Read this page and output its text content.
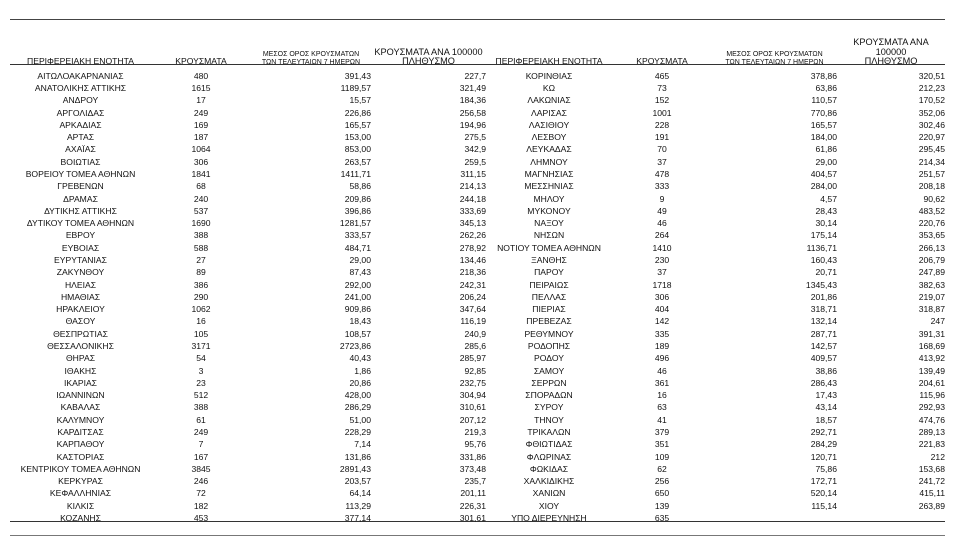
ΠΕΡΙΦΕΡΕΙΑΚΗ ΕΝΟΤΗΤΑ	ΚΡΟΥΣΜΑΤΑ	ΜΕΣΟΣ ΟΡΟΣ ΚΡΟΥΣΜΑΤΩΝ
ΤΩΝ ΤΕΛΕΥΤΑΙΩΝ 7 ΗΜΕΡΩΝ	ΚΡΟΥΣΜΑΤΑ ΑΝΑ 100000
ΠΛΗΘΥΣΜΟ	ΠΕΡΙΦΕΡΕΙΑΚΗ ΕΝΟΤΗΤΑ	ΚΡΟΥΣΜΑΤΑ	ΜΕΣΟΣ ΟΡΟΣ ΚΡΟΥΣΜΑΤΩΝ
ΤΩΝ ΤΕΛΕΥΤΑΙΩΝ 7 ΗΜΕΡΩΝ	ΚΡΟΥΣΜΑΤΑ ΑΝΑ 100000
ΠΛΗΘΥΣΜΟ
ΑΙΤΩΛΟΑΚΑΡΝΑΝΙΑΣ	480	391,43	227,7	ΚΟΡΙΝΘΙΑΣ	465	378,86	320,51
ΑΝΑΤΟΛΙΚΗΣ ΑΤΤΙΚΗΣ	1615	1189,57	321,49	ΚΩ	73	63,86	212,23
ΑΝΔΡΟΥ	17	15,57	184,36	ΛΑΚΩΝΙΑΣ	152	110,57	170,52
ΑΡΓΟΛΙΔΑΣ	249	226,86	256,58	ΛΑΡΙΣΑΣ	1001	770,86	352,06
ΑΡΚΑΔΙΑΣ	169	165,57	194,96	ΛΑΣΙΘΙΟΥ	228	165,57	302,46
ΑΡΤΑΣ	187	153,00	275,5	ΛΕΣΒΟΥ	191	184,00	220,97
ΑΧΑΪΑΣ	1064	853,00	342,9	ΛΕΥΚΑΔΑΣ	70	61,86	295,45
ΒΟΙΩΤΙΑΣ	306	263,57	259,5	ΛΗΜΝΟΥ	37	29,00	214,34
ΒΟΡΕΙΟΥ ΤΟΜΕΑ ΑΘΗΝΩΝ	1841	1411,71	311,15	ΜΑΓΝΗΣΙΑΣ	478	404,57	251,57
ΓΡΕΒΕΝΩΝ	68	58,86	214,13	ΜΕΣΣΗΝΙΑΣ	333	284,00	208,18
ΔΡΑΜΑΣ	240	209,86	244,18	ΜΗΛΟΥ	9	4,57	90,62
ΔΥΤΙΚΗΣ ΑΤΤΙΚΗΣ	537	396,86	333,69	ΜΥΚΟΝΟΥ	49	28,43	483,52
ΔΥΤΙΚΟΥ ΤΟΜΕΑ ΑΘΗΝΩΝ	1690	1281,57	345,13	ΝΑΞΟΥ	46	30,14	220,76
ΕΒΡΟΥ	388	333,57	262,26	ΝΗΣΩΝ	264	175,14	353,65
ΕΥΒΟΙΑΣ	588	484,71	278,92	ΝΟΤΙΟΥ ΤΟΜΕΑ ΑΘΗΝΩΝ	1410	1136,71	266,13
ΕΥΡΥΤΑΝΙΑΣ	27	29,00	134,46	ΞΑΝΘΗΣ	230	160,43	206,79
ΖΑΚΥΝΘΟΥ	89	87,43	218,36	ΠΑΡΟΥ	37	20,71	247,89
ΗΛΕΙΑΣ	386	292,00	242,31	ΠΕΙΡΑΙΩΣ	1718	1345,43	382,63
ΗΜΑΘΙΑΣ	290	241,00	206,24	ΠΕΛΛΑΣ	306	201,86	219,07
ΗΡΑΚΛΕΙΟΥ	1062	909,86	347,64	ΠΙΕΡΙΑΣ	404	318,71	318,87
ΘΑΣΟΥ	16	18,43	116,19	ΠΡΕΒΕΖΑΣ	142	132,14	247
ΘΕΣΠΡΩΤΙΑΣ	105	108,57	240,9	ΡΕΘΥΜΝΟΥ	335	287,71	391,31
ΘΕΣΣΑΛΟΝΙΚΗΣ	3171	2723,86	285,6	ΡΟΔΟΠΗΣ	189	142,57	168,69
ΘΗΡΑΣ	54	40,43	285,97	ΡΟΔΟΥ	496	409,57	413,92
ΙΘΑΚΗΣ	3	1,86	92,85	ΣΑΜΟΥ	46	38,86	139,49
ΙΚΑΡΙΑΣ	23	20,86	232,75	ΣΕΡΡΩΝ	361	286,43	204,61
ΙΩΑΝΝΙΝΩΝ	512	428,00	304,94	ΣΠΟΡΑΔΩΝ	16	17,43	115,96
ΚΑΒΑΛΑΣ	388	286,29	310,61	ΣΥΡΟΥ	63	43,14	292,93
ΚΑΛΥΜΝΟΥ	61	51,00	207,12	ΤΗΝΟΥ	41	18,57	474,76
ΚΑΡΔΙΤΣΑΣ	249	228,29	219,3	ΤΡΙΚΑΛΩΝ	379	292,71	289,13
ΚΑΡΠΑΘΟΥ	7	7,14	95,76	ΦΘΙΩΤΙΔΑΣ	351	284,29	221,83
ΚΑΣΤΟΡΙΑΣ	167	131,86	331,86	ΦΛΩΡΙΝΑΣ	109	120,71	212
ΚΕΝΤΡΙΚΟΥ ΤΟΜΕΑ ΑΘΗΝΩΝ	3845	2891,43	373,48	ΦΩΚΙΔΑΣ	62	75,86	153,68
ΚΕΡΚΥΡΑΣ	246	203,57	235,7	ΧΑΛΚΙΔΙΚΗΣ	256	172,71	241,72
ΚΕΦΑΛΛΗΝΙΑΣ	72	64,14	201,11	ΧΑΝΙΩΝ	650	520,14	415,11
ΚΙΛΚΙΣ	182	113,29	226,31	ΧΙΟΥ	139	115,14	263,89
ΚΟΖΑΝΗΣ	453	377,14	301,61	ΥΠΟ ΔΙΕΡΕΥΝΗΣΗ	635		
